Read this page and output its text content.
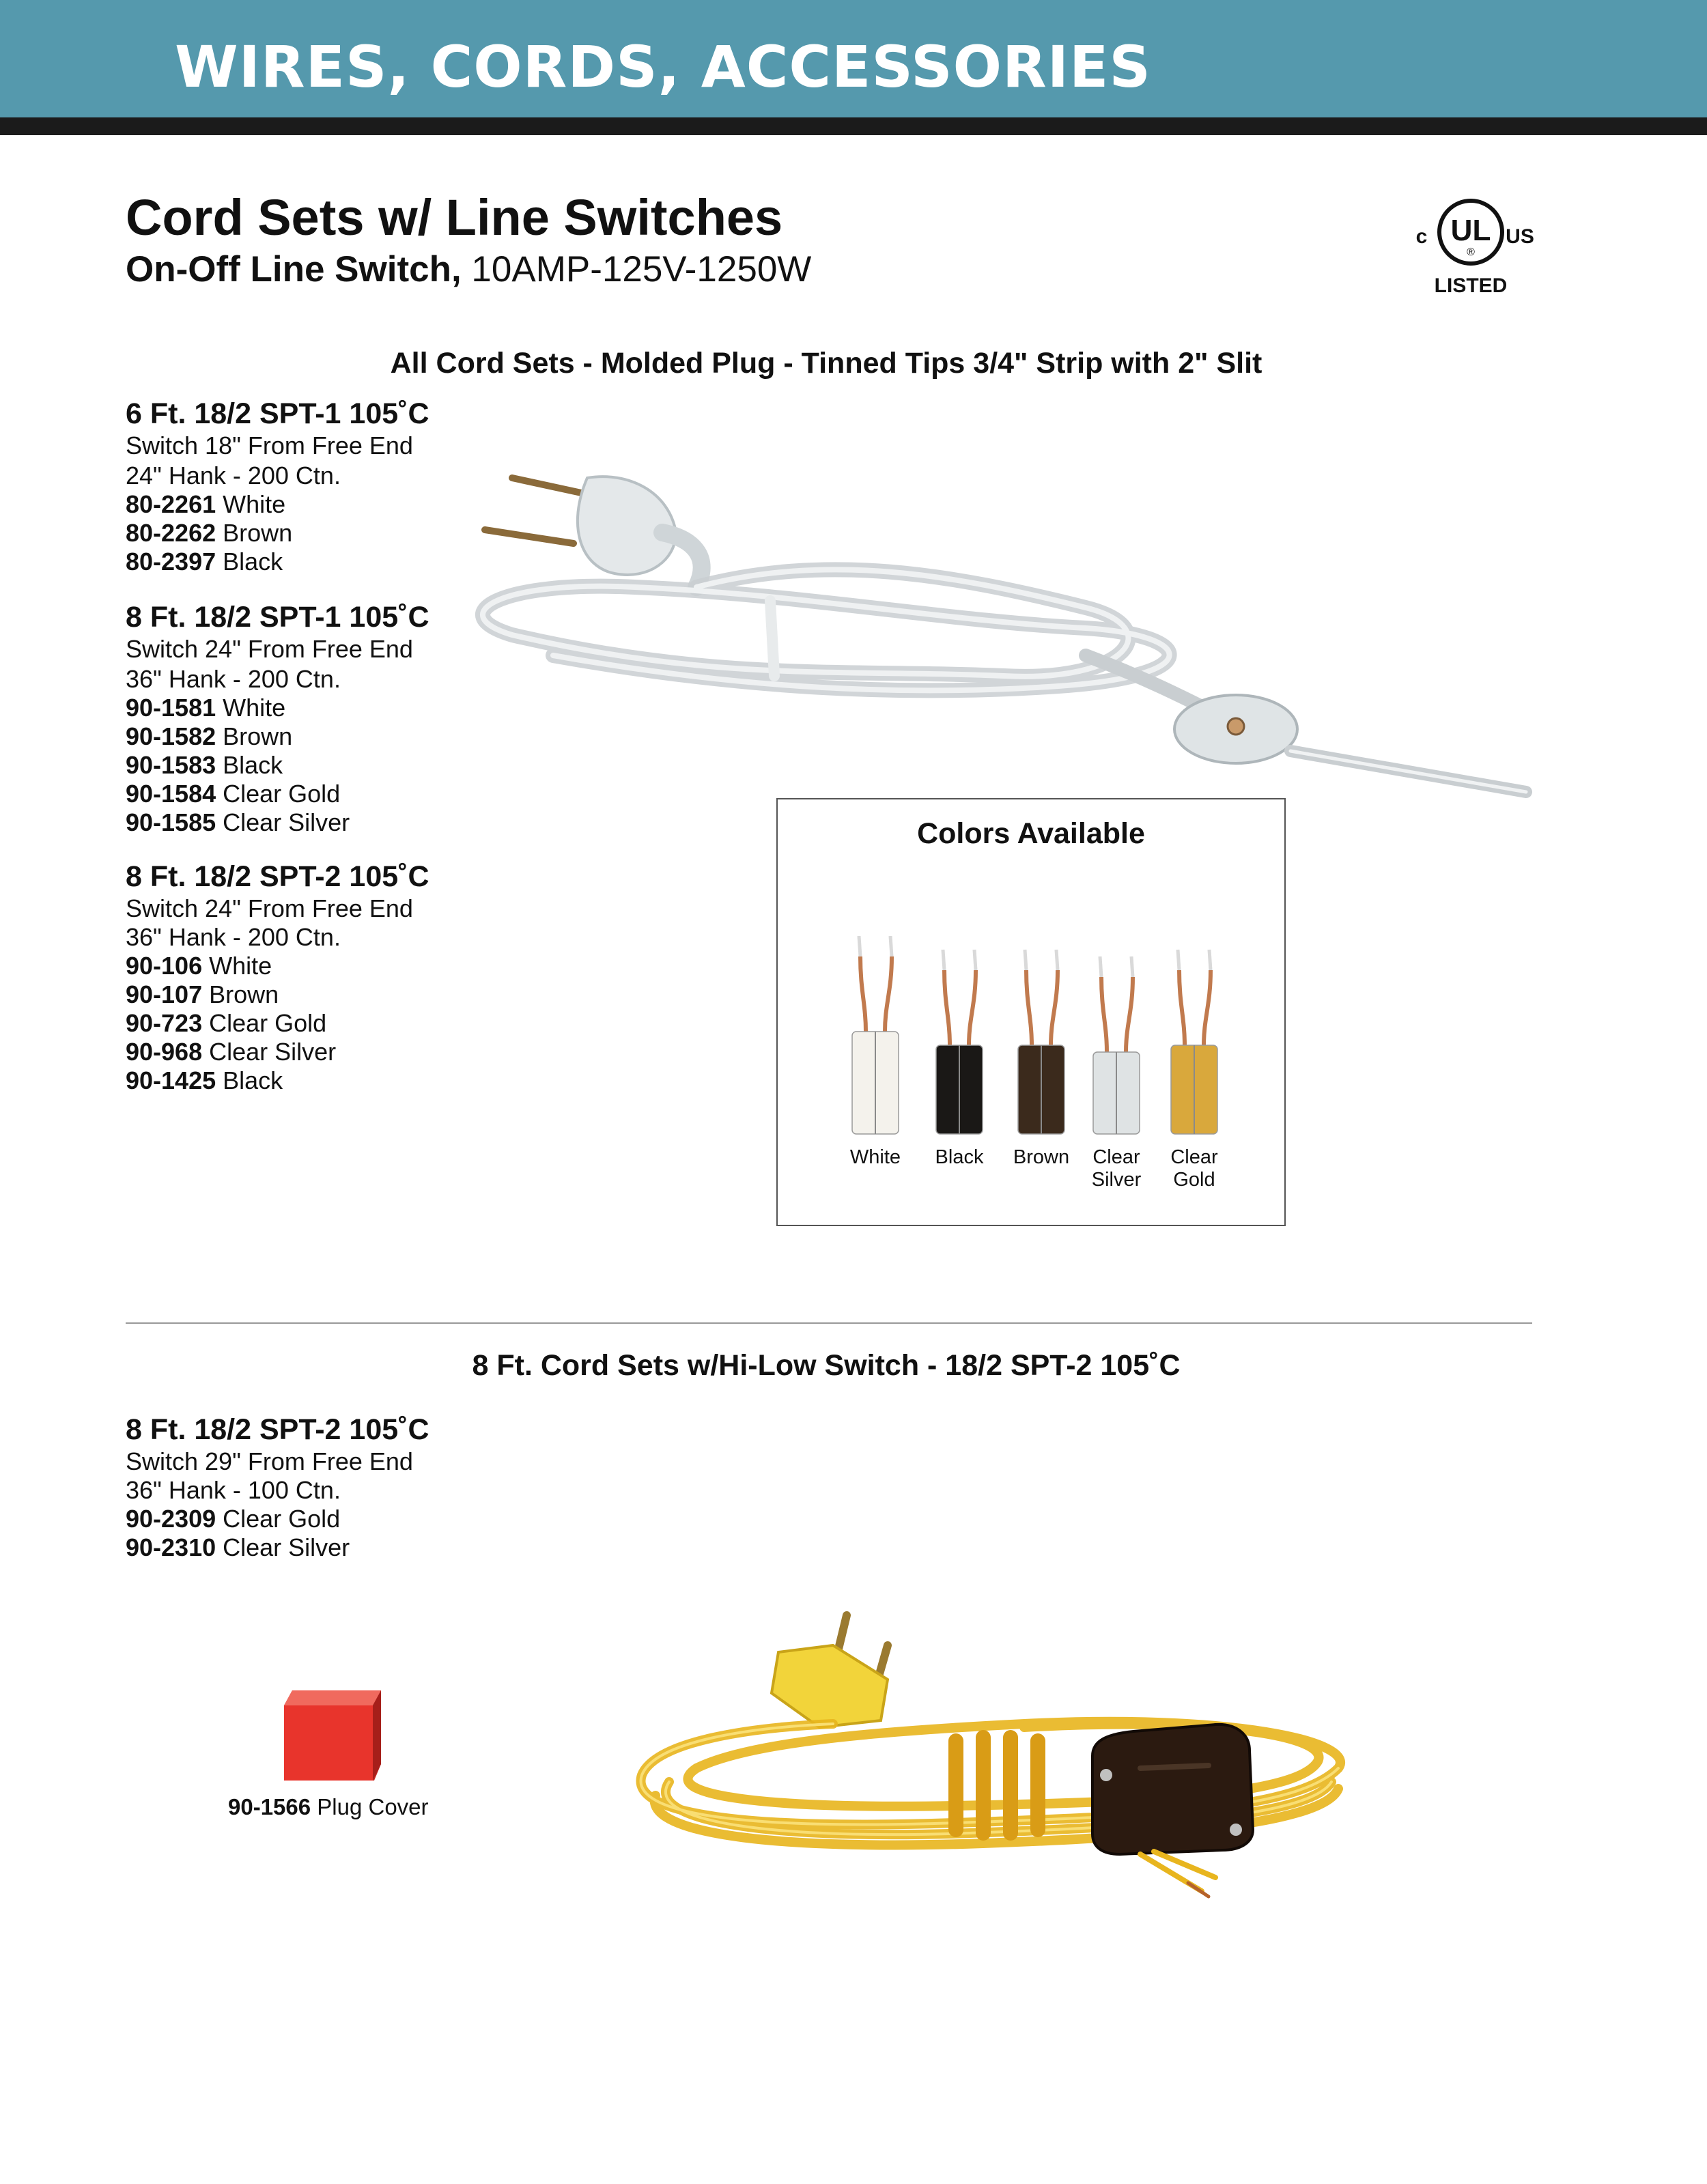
WIRES, CORDS, ACCESSORIES
Cord Sets w/ Line Switches
On-Off Line Switch, 10AMP-125V-1250W
UL
®
c	US
LISTED
All Cord Sets - Molded Plug - Tinned Tips 3/4" Strip with 2" Slit
6 Ft. 18/2 SPT-1 105˚C
Switch 18" From Free End
24" Hank - 200 Ctn.
80-2261 White
80-2262 Brown
80-2397 Black
8 Ft. 18/2 SPT-1 105˚C
Switch 24" From Free End
36" Hank - 200 Ctn.
90-1581 White
90-1582 Brown
90-1583 Black
90-1584 Clear Gold
90-1585 Clear Silver
8 Ft. 18/2 SPT-2 105˚C
Switch 24" From Free End
36" Hank - 200 Ctn.
90-106 White
90-107 Brown
90-723 Clear Gold
90-968 Clear Silver
90-1425 Black
Colors Available
White	Black	Brown	Clear
Silver
Clear
Gold
8 Ft. Cord Sets w/Hi-Low Switch - 18/2 SPT-2 105˚C
8 Ft. 18/2 SPT-2 105˚C
Switch 29" From Free End
36" Hank - 100 Ctn.
90-2309 Clear Gold
90-2310 Clear Silver
90-1566 Plug Cover
